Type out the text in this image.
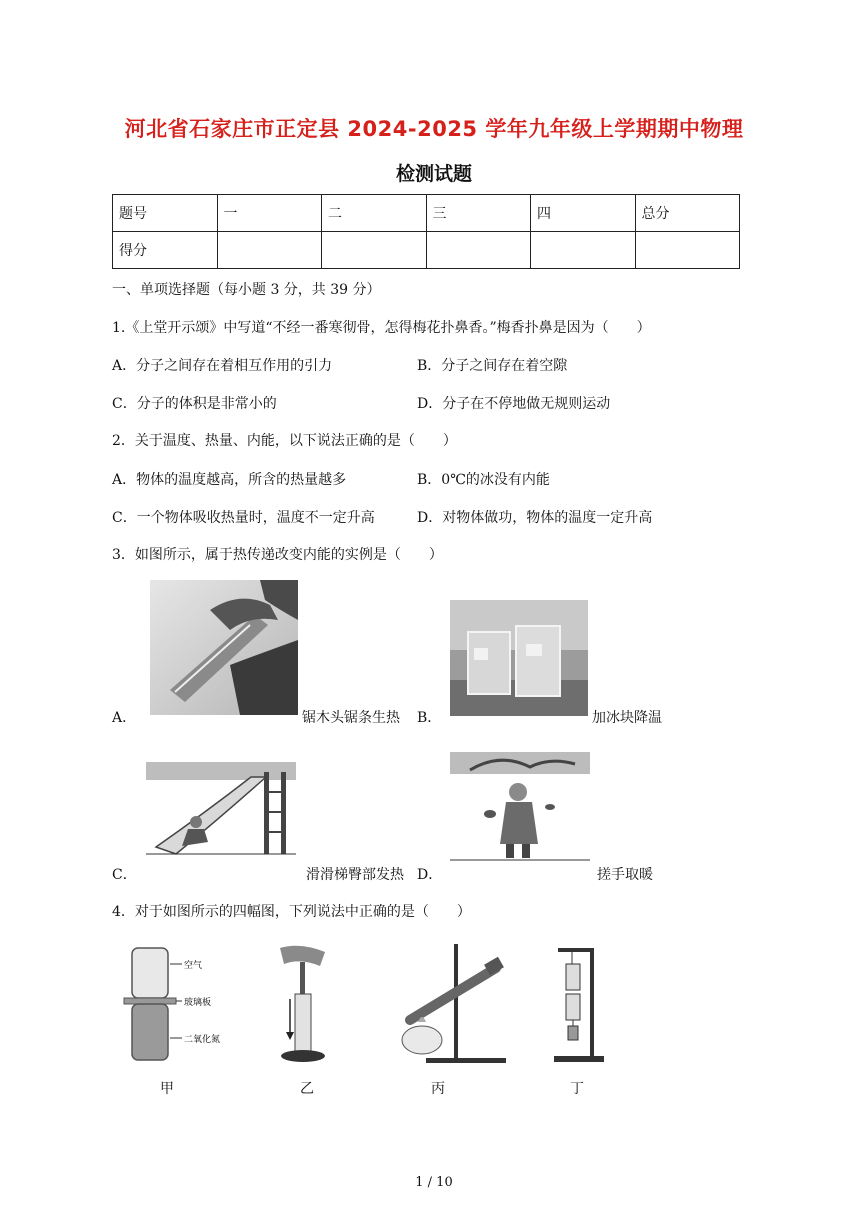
河北省石家庄市正定县 2024-2025 学年九年级上学期期中物理
检测试题
题号	一	二	三	四	总分
得分					
一、单项选择题（每小题 3 分，共 39 分）
1.《上堂开示颂》中写道“不经一番寒彻骨，怎得梅花扑鼻香。”梅香扑鼻是因为（　　）
A．分子之间存在着相互作用的引力	B．分子之间存在着空隙
C．分子的体积是非常小的	D．分子在不停地做无规则运动
2．关于温度、热量、内能，以下说法正确的是（　　）
A．物体的温度越高，所含的热量越多	B．0℃的冰没有内能
C．一个物体吸收热量时，温度不一定升高	D．对物体做功，物体的温度一定升高
3．如图所示，属于热传递改变内能的实例是（　　）
A．	锯木头锯条生热 B．	加冰块降温
C．	滑滑梯臀部发热 D．	搓手取暖
4．对于如图所示的四幅图，下列说法中正确的是（　　）
空气
玻璃板
二氧化氮
甲	乙	丙	丁
1 / 10
